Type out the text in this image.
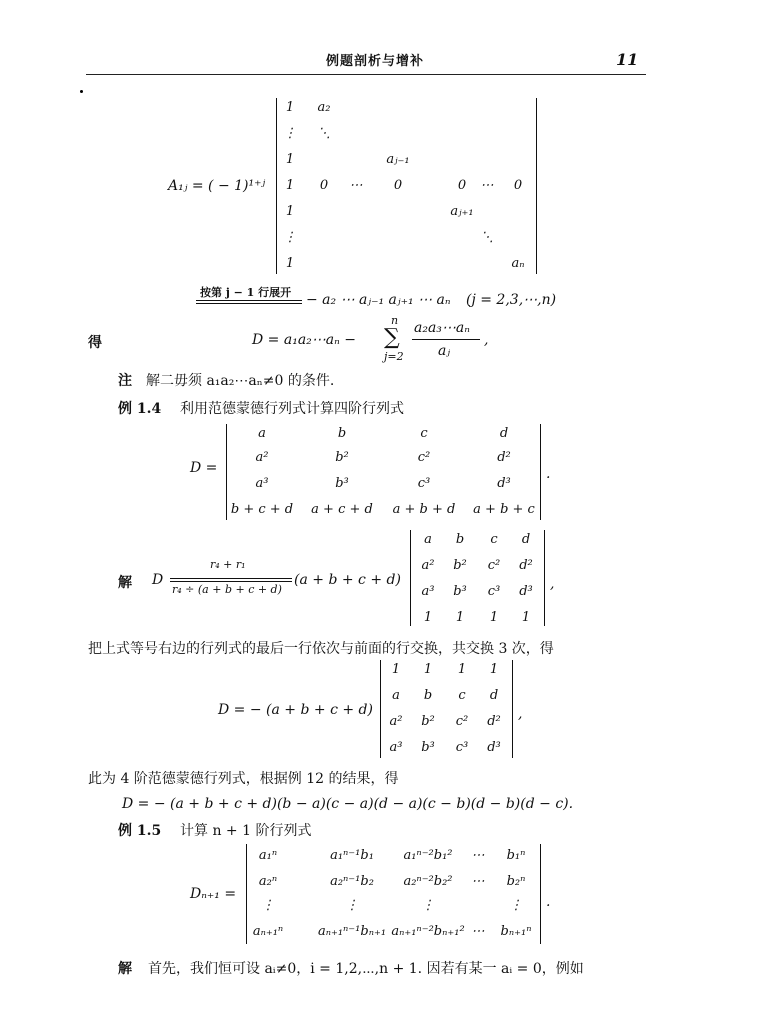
例题剖析与增补	11
A₁ⱼ = ( − 1)¹⁺ʲ
1	a₂
⋮	⋱
1	aⱼ₋₁
1	0	⋯	0	0	⋯	0
1	aⱼ₊₁
⋮	⋱
1	aₙ
按第 j − 1 行展开 − a₂ ⋯ aⱼ₋₁ aⱼ₊₁ ⋯ aₙ (j = 2,3,⋯,n)
得	D = a₁a₂⋯aₙ −
n
∑
j=2
a₂a₃⋯aₙ
aⱼ
,
注 解二毋须 a₁a₂⋯aₙ≠0 的条件.
例 1.4 利用范德蒙德行列式计算四阶行列式
D =
a	b	c	d
a²	b²	c²	d²
a³	b³	c³	d³
b + c + d	a + c + d	a + b + d	a + b + c
.
解 D
r₄ + r₁
r₄ ÷ (a + b + c + d)
(a + b + c + d)
a	b	c	d
a²	b²	c²	d²
a³	b³	c³	d³
1	1	1	1
,
把上式等号右边的行列式的最后一行依次与前面的行交换，共交换 3 次，得
D = − (a + b + c + d)
1	1	1	1
a	b	c	d
a²	b²	c²	d²
a³	b³	c³	d³
,
此为 4 阶范德蒙德行列式，根据例 12 的结果，得
D = − (a + b + c + d)(b − a)(c − a)(d − a)(c − b)(d − b)(d − c).
例 1.5 计算 n + 1 阶行列式
Dₙ₊₁ =
a₁ⁿ	a₁ⁿ⁻¹b₁	a₁ⁿ⁻²b₁²	⋯	b₁ⁿ
a₂ⁿ	a₂ⁿ⁻¹b₂	a₂ⁿ⁻²b₂²	⋯	b₂ⁿ
⋮	⋮	⋮	⋮
aₙ₊₁ⁿ	aₙ₊₁ⁿ⁻¹bₙ₊₁ aₙ₊₁ⁿ⁻²bₙ₊₁² ⋯	bₙ₊₁ⁿ
.
解 首先，我们恒可设 aᵢ≠0，i = 1,2,⋯,n + 1. 因若有某一 aᵢ = 0，例如
